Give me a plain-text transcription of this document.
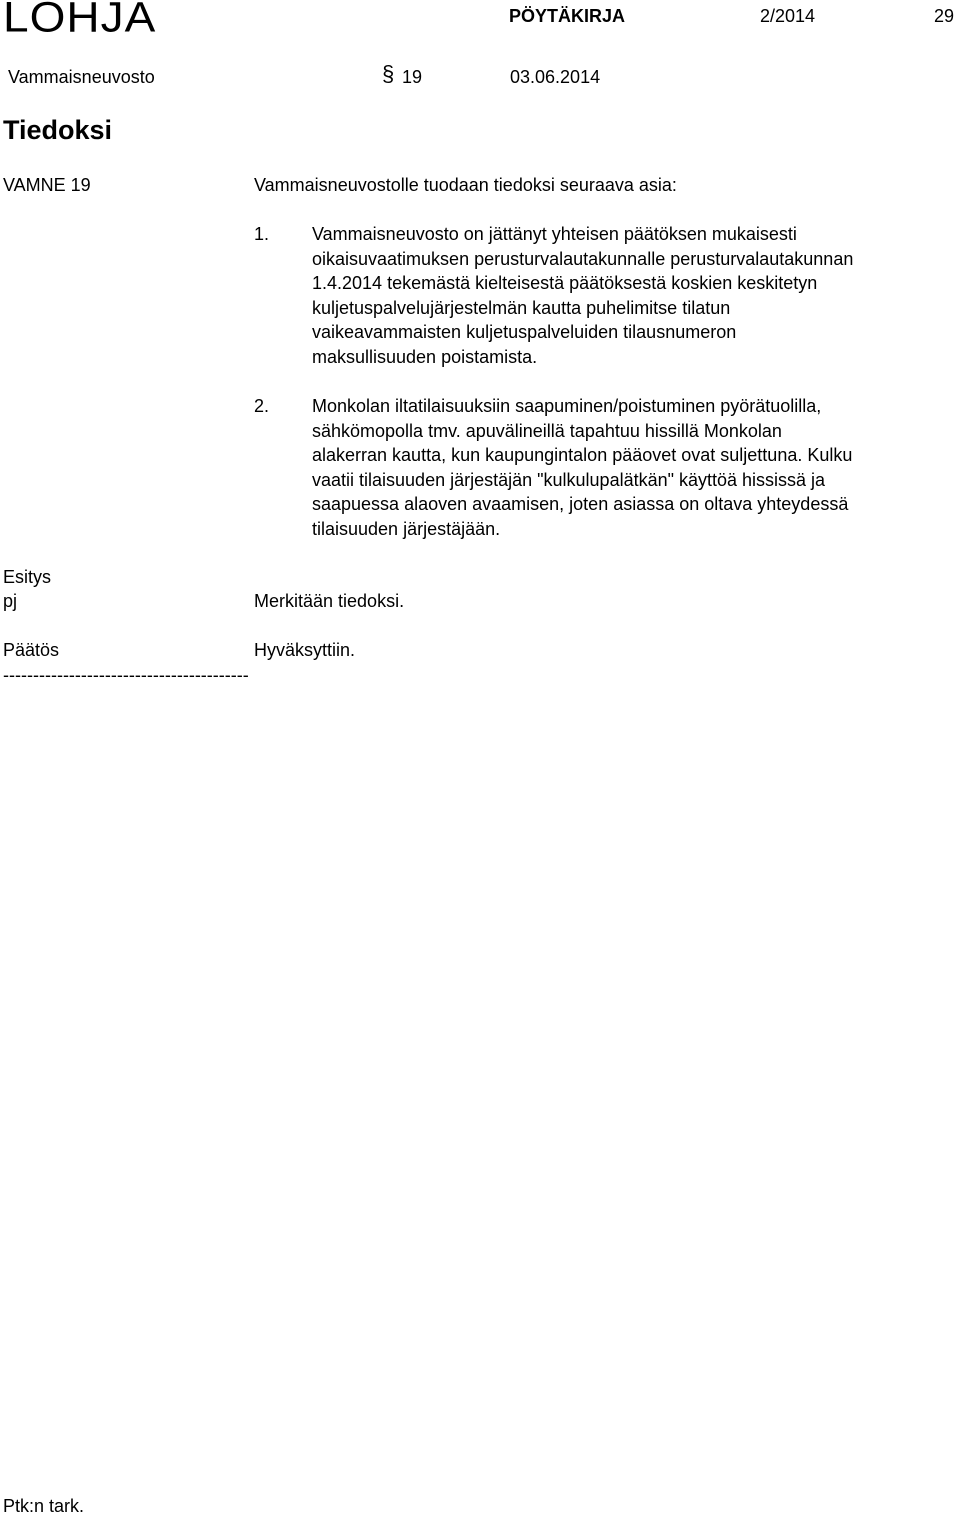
LOHJA	PÖYTÄKIRJA	2/2014	29
Vammaisneuvosto	§ 19	03.06.2014
Tiedoksi
VAMNE 19	Vammaisneuvostolle tuodaan tiedoksi seuraava asia:
1. Vammaisneuvosto on jättänyt yhteisen päätöksen mukaisesti
oikaisuvaatimuksen perusturvalautakunnalle perusturvalautakunnan
1.4.2014 tekemästä kielteisestä päätöksestä koskien keskitetyn
kuljetuspalvelujärjestelmän kautta puhelimitse tilatun
vaikeavammaisten kuljetuspalveluiden tilausnumeron
maksullisuuden poistamista.
2. Monkolan iltatilaisuuksiin saapuminen/poistuminen pyörätuolilla,
sähkömopolla tmv. apuvälineillä tapahtuu hissillä Monkolan
alakerran kautta, kun kaupungintalon pääovet ovat suljettuna. Kulku
vaatii tilaisuuden järjestäjän "kulkulupalätkän" käyttöä hississä ja
saapuessa alaoven avaamisen, joten asiassa on oltava yhteydessä
tilaisuuden järjestäjään.
Esitys
pj	Merkitään tiedoksi.
Päätös	Hyväksyttiin.
-----------------------------------------
Ptk:n tark.
